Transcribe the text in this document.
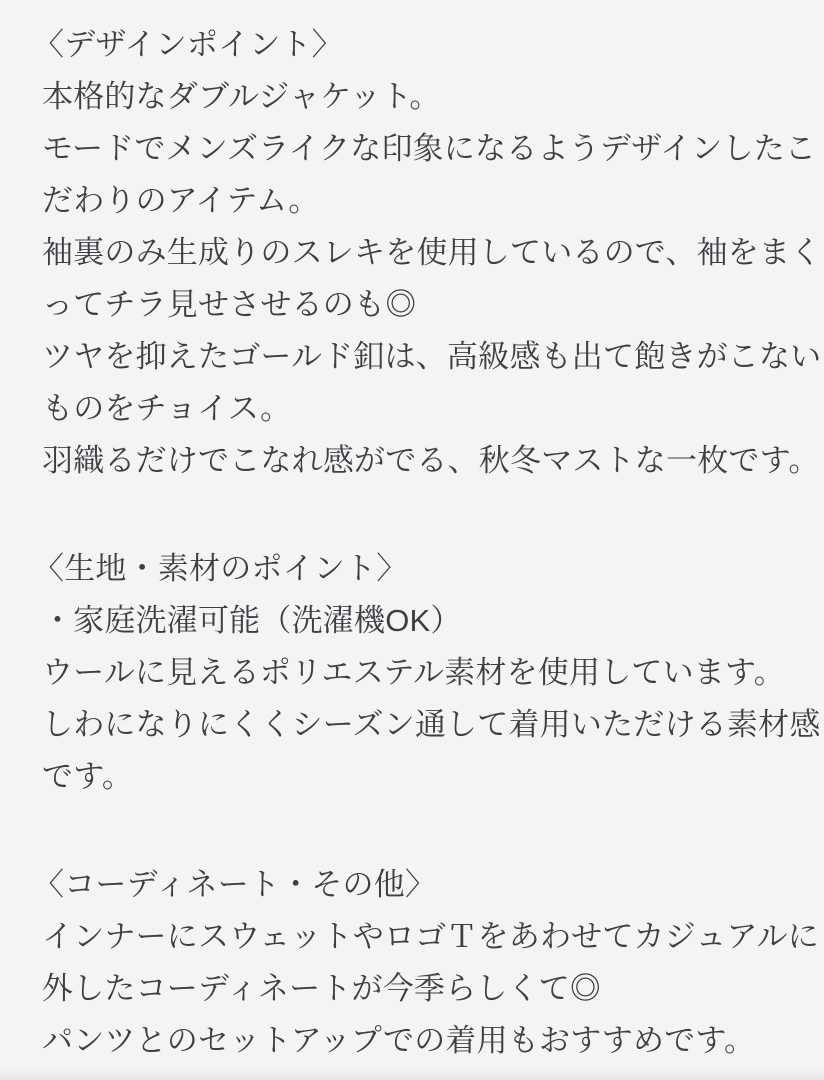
〈デザインポイント〉
本格的なダブルジャケット。
モードでメンズライクな印象になるようデザインしたこ
だわりのアイテム。
袖裏のみ生成りのスレキを使用しているので、袖をまく
ってチラ見せさせるのも◎
ツヤを抑えたゴールド釦は、高級感も出て飽きがこない
ものをチョイス。
羽織るだけでこなれ感がでる、秋冬マストな一枚です。
〈生地・素材のポイント〉
・家庭洗濯可能（洗濯機OK）
ウールに見えるポリエステル素材を使用しています。
しわになりにくくシーズン通して着用いただける素材感
です。
〈コーディネート・その他〉
インナーにスウェットやロゴＴをあわせてカジュアルに
外したコーディネートが今季らしくて◎
パンツとのセットアップでの着用もおすすめです。
